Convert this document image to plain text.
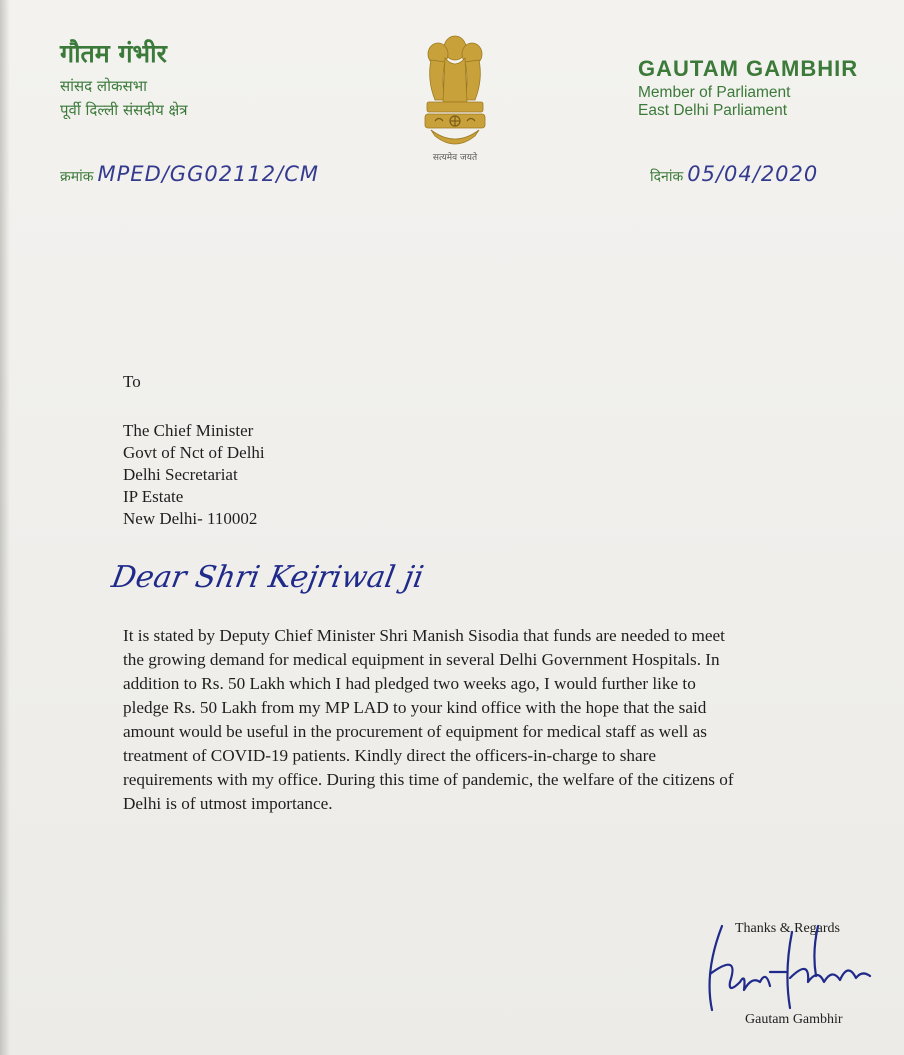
गौतम गंभीर

सांसद लोकसभा

पूर्वी दिल्ली संसदीय क्षेत्र

सत्यमेव जयते

GAUTAM GAMBHIR

Member of Parliament

East Delhi Parliament

क्रमांक MPED/GG02112/CM	दिनांक 05/04/2020

To

The Chief Minister

Govt of Nct of Delhi

Delhi Secretariat

IP Estate

New Delhi- 110002

Dear Shri Kejriwal ji

It is stated by Deputy Chief Minister Shri Manish Sisodia that funds are needed to meet

the growing demand for medical equipment in several Delhi Government Hospitals. In

addition to Rs. 50 Lakh which I had pledged two weeks ago, I would further like to

pledge Rs. 50 Lakh from my MP LAD to your kind office with the hope that the said

amount would be useful in the procurement of equipment for medical staff as well as

treatment of COVID-19 patients. Kindly direct the officers-in-charge to share

requirements with my office. During this time of pandemic, the welfare of the citizens of

Delhi is of utmost importance.

Thanks & Regards

Gautam Gambhir
